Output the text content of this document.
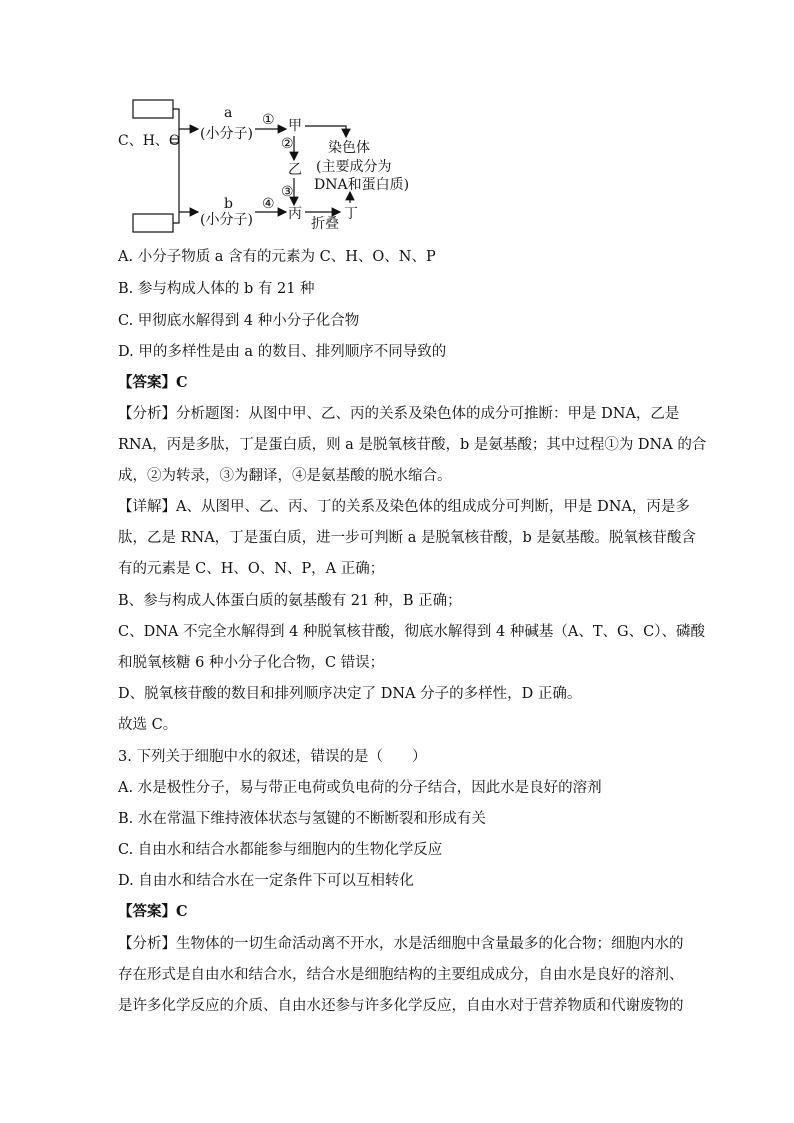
C、H、O
a
(小分子)
b
(小分子)
①
④
②
③
甲
乙
丙	丁
折叠
染色体
(主要成分为
DNA和蛋白质)
A. 小分子物质 a 含有的元素为 C、H、O、N、P
B. 参与构成人体的 b 有 21 种
C. 甲彻底水解得到 4 种小分子化合物
D. 甲的多样性是由 a 的数目、排列顺序不同导致的
【答案】C
【分析】分析题图：从图中甲、乙、丙的关系及染色体的成分可推断：甲是 DNA，乙是
RNA，丙是多肽，丁是蛋白质，则 a 是脱氧核苷酸，b 是氨基酸；其中过程①为 DNA 的合
成，②为转录，③为翻译，④是氨基酸的脱水缩合。
【详解】A、从图甲、乙、丙、丁的关系及染色体的组成成分可判断，甲是 DNA，丙是多
肽，乙是 RNA，丁是蛋白质，进一步可判断 a 是脱氧核苷酸，b 是氨基酸。脱氧核苷酸含
有的元素是 C、H、O、N、P，A 正确；
B、参与构成人体蛋白质的氨基酸有 21 种，B 正确；
C、DNA 不完全水解得到 4 种脱氧核苷酸，彻底水解得到 4 种碱基（A、T、G、C）、磷酸
和脱氧核糖 6 种小分子化合物，C 错误；
D、脱氧核苷酸的数目和排列顺序决定了 DNA 分子的多样性，D 正确。
故选 C。
3. 下列关于细胞中水的叙述，错误的是（　　）
A. 水是极性分子，易与带正电荷或负电荷的分子结合，因此水是良好的溶剂
B. 水在常温下维持液体状态与氢键的不断断裂和形成有关
C. 自由水和结合水都能参与细胞内的生物化学反应
D. 自由水和结合水在一定条件下可以互相转化
【答案】C
【分析】生物体的一切生命活动离不开水，水是活细胞中含量最多的化合物；细胞内水的
存在形式是自由水和结合水，结合水是细胞结构的主要组成成分，自由水是良好的溶剂、
是许多化学反应的介质、自由水还参与许多化学反应，自由水对于营养物质和代谢废物的
